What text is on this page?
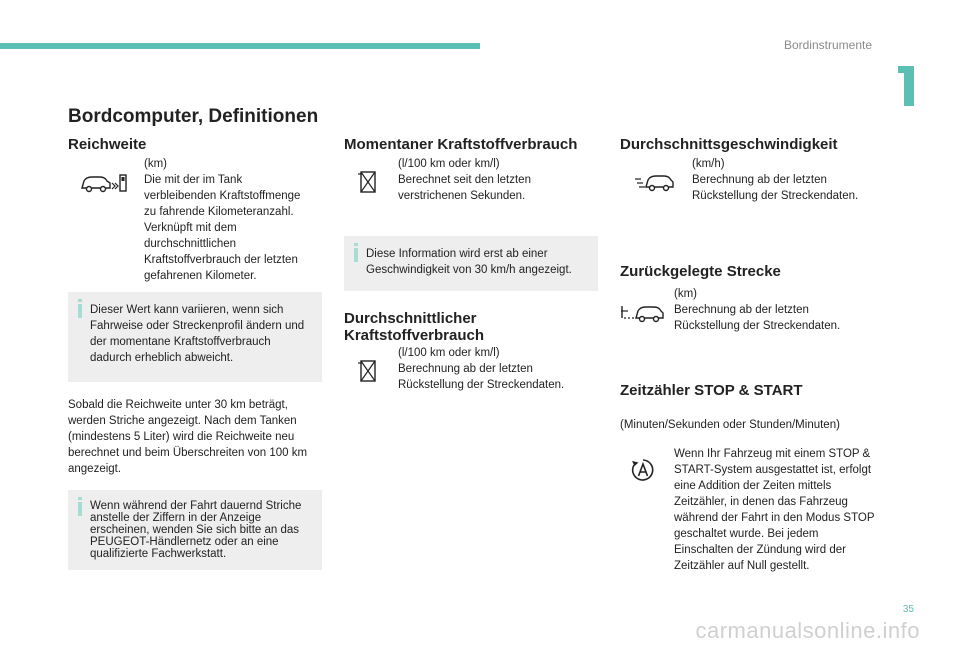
Bordinstrumente
Bordcomputer, Definitionen
Reichweite
(km)
Die mit der im Tank verbleibenden Kraftstoffmenge zu fahrende Kilometeranzahl. Verknüpft mit dem durchschnittlichen Kraftstoffverbrauch der letzten gefahrenen Kilometer.
Dieser Wert kann variieren, wenn sich Fahrweise oder Streckenprofil ändern und der momentane Kraftstoffverbrauch dadurch erheblich abweicht.
Sobald die Reichweite unter 30 km beträgt, werden Striche angezeigt. Nach dem Tanken (mindestens 5 Liter) wird die Reichweite neu berechnet und beim Überschreiten von 100 km angezeigt.
Wenn während der Fahrt dauernd Striche anstelle der Ziffern in der Anzeige erscheinen, wenden Sie sich bitte an das PEUGEOT-Händlernetz oder an eine qualifizierte Fachwerkstatt.
Momentaner Kraftstoffverbrauch
(l/100 km oder km/l)
Berechnet seit den letzten verstrichenen Sekunden.
Diese Information wird erst ab einer Geschwindigkeit von 30 km/h angezeigt.
Durchschnittlicher Kraftstoffverbrauch
(l/100 km oder km/l)
Berechnung ab der letzten Rückstellung der Streckendaten.
Durchschnittsgeschwindigkeit
(km/h)
Berechnung ab der letzten Rückstellung der Streckendaten.
Zurückgelegte Strecke
(km)
Berechnung ab der letzten Rückstellung der Streckendaten.
Zeitzähler STOP & START
(Minuten/Sekunden oder Stunden/Minuten)
Wenn Ihr Fahrzeug mit einem STOP & START-System ausgestattet ist, erfolgt eine Addition der Zeiten mittels Zeitzähler, in denen das Fahrzeug während der Fahrt in den Modus STOP geschaltet wurde. Bei jedem Einschalten der Zündung wird der Zeitzähler auf Null gestellt.
35
carmanualsonline.info
